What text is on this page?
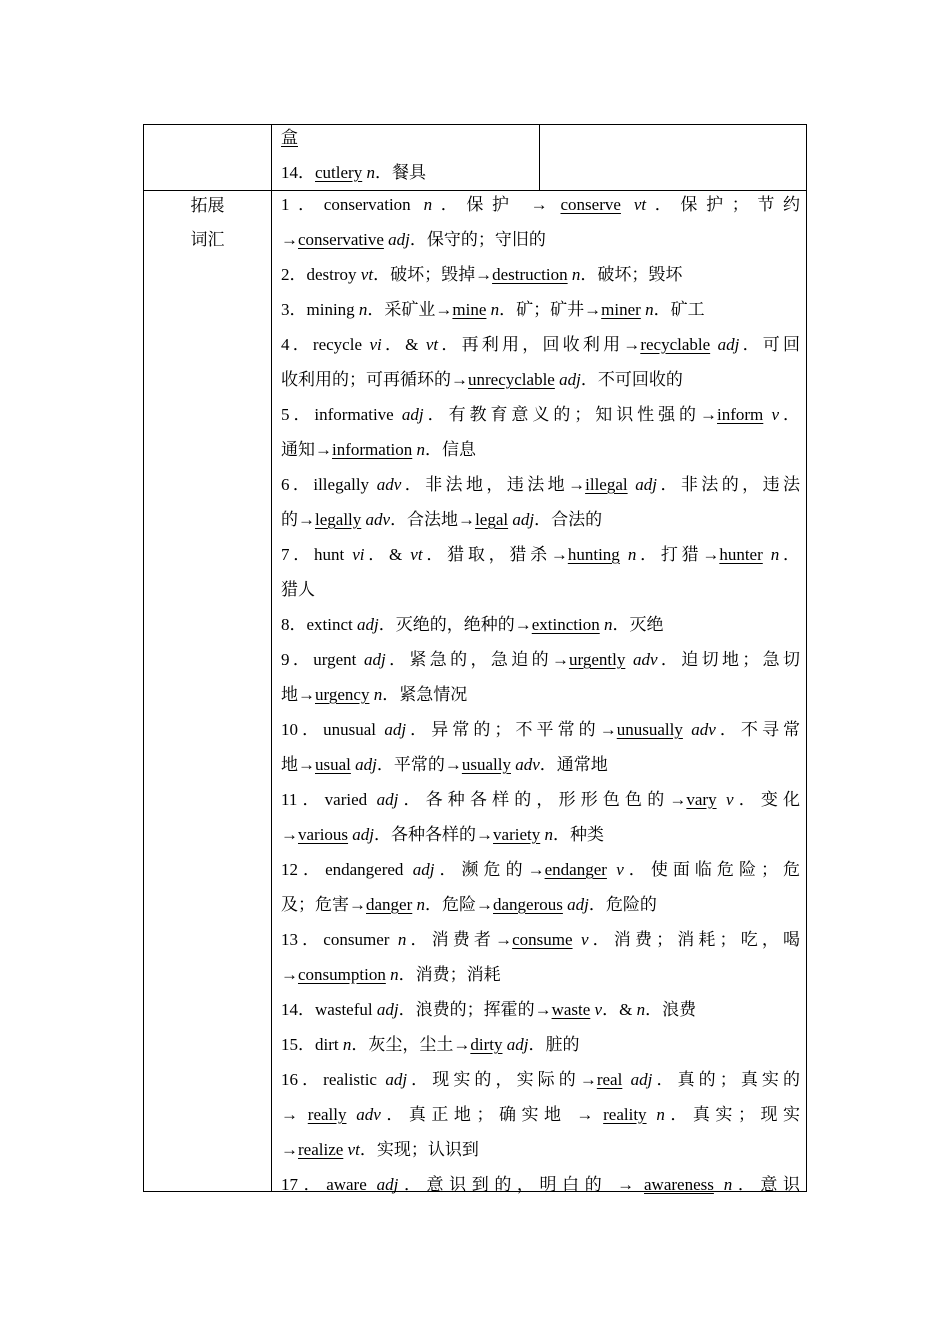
拓展
词汇
盒
14．cutlery n．餐具
1．conservation n．保护 → conserve vt．保护；节约
→conservative adj．保守的；守旧的
2．destroy vt．破坏；毁掉→destruction n．破坏；毁坏
3．mining n．采矿业→mine n．矿；矿井→miner n．矿工
4．recycle vi．& vt．再利用，回收利用→recyclable adj．可回
收利用的；可再循环的→unrecyclable adj．不可回收的
5．informative adj．有教育意义的；知识性强的→inform v．
通知→information n．信息
6．illegally adv．非法地，违法地→illegal adj．非法的，违法
的→legally adv．合法地→legal adj．合法的
7．hunt vi．& vt．猎取，猎杀→hunting n．打猎→hunter n．
猎人
8．extinct adj．灭绝的，绝种的→extinction n．灭绝
9．urgent adj．紧急的，急迫的→urgently adv．迫切地；急切
地→urgency n．紧急情况
10．unusual adj．异常的；不平常的→unusually adv．不寻常
地→usual adj．平常的→usually adv．通常地
11．varied adj．各种各样的，形形色色的→vary v．变化
→various adj．各种各样的→variety n．种类
12．endangered adj．濒危的→endanger v．使面临危险；危
及；危害→danger n．危险→dangerous adj．危险的
13．consumer n．消费者→consume v．消费；消耗；吃，喝
→consumption n．消费；消耗
14．wasteful adj．浪费的；挥霍的→waste v．& n．浪费
15．dirt n．灰尘，尘土→dirty adj．脏的
16．realistic adj．现实的，实际的→real adj．真的；真实的
→ really adv．真正地；确实地 → reality n．真实；现实
→realize vt．实现；认识到
17．aware adj．意识到的，明白的 → awareness n．意识
